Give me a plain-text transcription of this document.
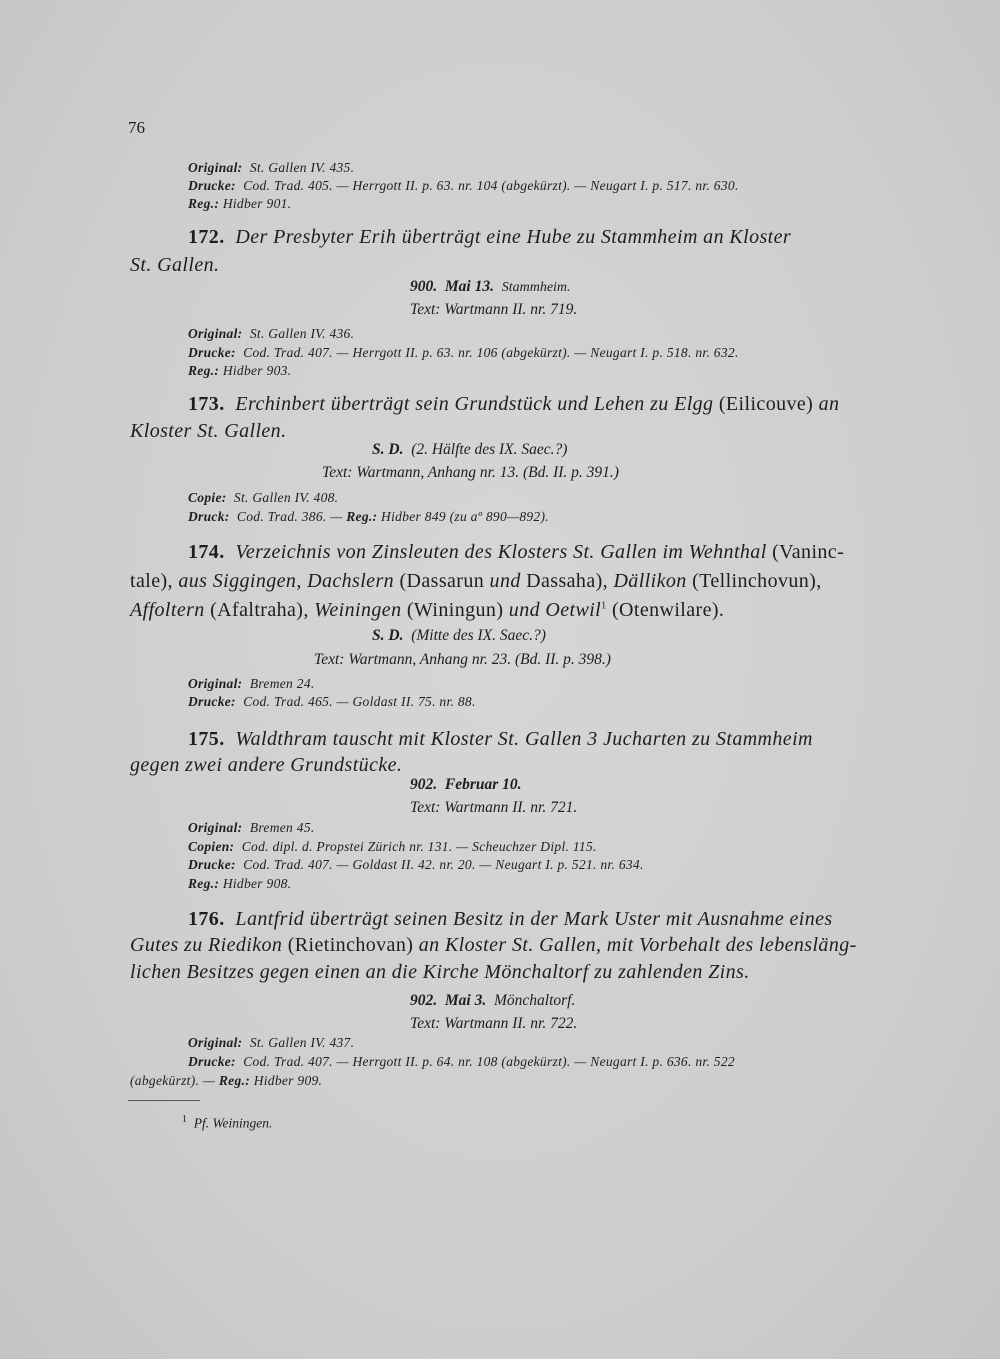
76
Original: St. Gallen IV. 435.
Drucke: Cod. Trad. 405. — Herrgott II. p. 63. nr. 104 (abgekürzt). — Neugart I. p. 517. nr. 630.
Reg.: Hidber 901.
172. Der Presbyter Erih überträgt eine Hube zu Stammheim an Kloster
St. Gallen.
900. Mai 13. Stammheim.
Text: Wartmann II. nr. 719.
Original: St. Gallen IV. 436.
Drucke: Cod. Trad. 407. — Herrgott II. p. 63. nr. 106 (abgekürzt). — Neugart I. p. 518. nr. 632.
Reg.: Hidber 903.
173. Erchinbert überträgt sein Grundstück und Lehen zu Elgg (Eilicouve) an
Kloster St. Gallen.
S. D. (2. Hälfte des IX. Saec.?)
Text: Wartmann, Anhang nr. 13. (Bd. II. p. 391.)
Copie: St. Gallen IV. 408.
Druck: Cod. Trad. 386. — Reg.: Hidber 849 (zu aº 890—892).
174. Verzeichnis von Zinsleuten des Klosters St. Gallen im Wehnthal (Vaninc-
tale), aus Siggingen, Dachslern (Dassarun und Dassaha), Dällikon (Tellinchovun),
Affoltern (Afaltraha), Weiningen (Winingun) und Oetwil$^1$ (Otenwilare).
S. D. (Mitte des IX. Saec.?)
Text: Wartmann, Anhang nr. 23. (Bd. II. p. 398.)
Original: Bremen 24.
Drucke: Cod. Trad. 465. — Goldast II. 75. nr. 88.
175. Waldthram tauscht mit Kloster St. Gallen 3 Jucharten zu Stammheim
gegen zwei andere Grundstücke.
902. Februar 10.
Text: Wartmann II. nr. 721.
Original: Bremen 45.
Copien: Cod. dipl. d. Propstei Zürich nr. 131. — Scheuchzer Dipl. 115.
Drucke: Cod. Trad. 407. — Goldast II. 42. nr. 20. — Neugart I. p. 521. nr. 634.
Reg.: Hidber 908.
176. Lantfrid überträgt seinen Besitz in der Mark Uster mit Ausnahme eines
Gutes zu Riedikon (Rietinchovan) an Kloster St. Gallen, mit Vorbehalt des lebensläng-
lichen Besitzes gegen einen an die Kirche Mönchaltorf zu zahlenden Zins.
902. Mai 3. Mönchaltorf.
Text: Wartmann II. nr. 722.
Original: St. Gallen IV. 437.
Drucke: Cod. Trad. 407. — Herrgott II. p. 64. nr. 108 (abgekürzt). — Neugart I. p. 636. nr. 522
(abgekürzt). — Reg.: Hidber 909.
$^1$ Pf. Weiningen.
